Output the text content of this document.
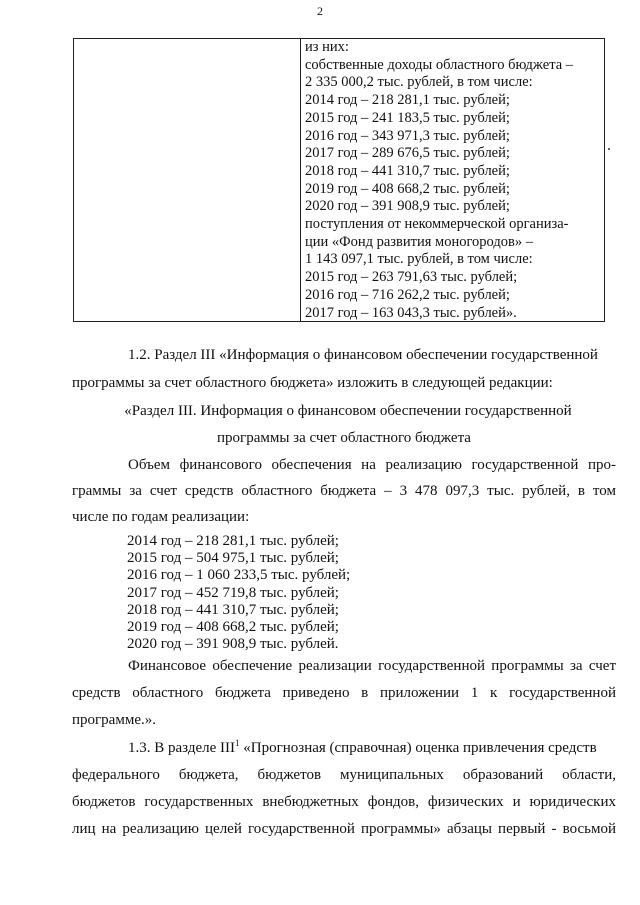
2
из них:
собственные доходы областного бюджета –
2 335 000,2 тыс. рублей, в том числе:
2014 год – 218 281,1 тыс. рублей;
2015 год – 241 183,5 тыс. рублей;
2016 год – 343 971,3 тыс. рублей;
2017 год – 289 676,5 тыс. рублей;
2018 год – 441 310,7 тыс. рублей;
2019 год – 408 668,2 тыс. рублей;
2020 год – 391 908,9 тыс. рублей;
поступления от некоммерческой организа-
ции «Фонд развития моногородов» –
1 143 097,1 тыс. рублей, в том числе:
2015 год – 263 791,63 тыс. рублей;
2016 год – 716 262,2 тыс. рублей;
2017 год – 163 043,3 тыс. рублей».
1.2. Раздел III «Информация о финансовом обеспечении государственной
программы за счет областного бюджета» изложить в следующей редакции:
«Раздел III. Информация о финансовом обеспечении государственной
программы за счет областного бюджета
Объем финансового обеспечения на реализацию государственной про-
граммы за счет средств областного бюджета – 3 478 097,3 тыс. рублей, в том
числе по годам реализации:
2014 год – 218 281,1 тыс. рублей;
2015 год – 504 975,1 тыс. рублей;
2016 год – 1 060 233,5 тыс. рублей;
2017 год – 452 719,8 тыс. рублей;
2018 год – 441 310,7 тыс. рублей;
2019 год – 408 668,2 тыс. рублей;
2020 год – 391 908,9 тыс. рублей.
Финансовое обеспечение реализации государственной программы за счет
средств областного бюджета приведено в приложении 1 к государственной
программе.».
1.3. В разделе III$^1$ «Прогнозная (справочная) оценка привлечения средств
федерального бюджета, бюджетов муниципальных образований области,
бюджетов государственных внебюджетных фондов, физических и юридических
лиц на реализацию целей государственной программы» абзацы первый - восьмой
